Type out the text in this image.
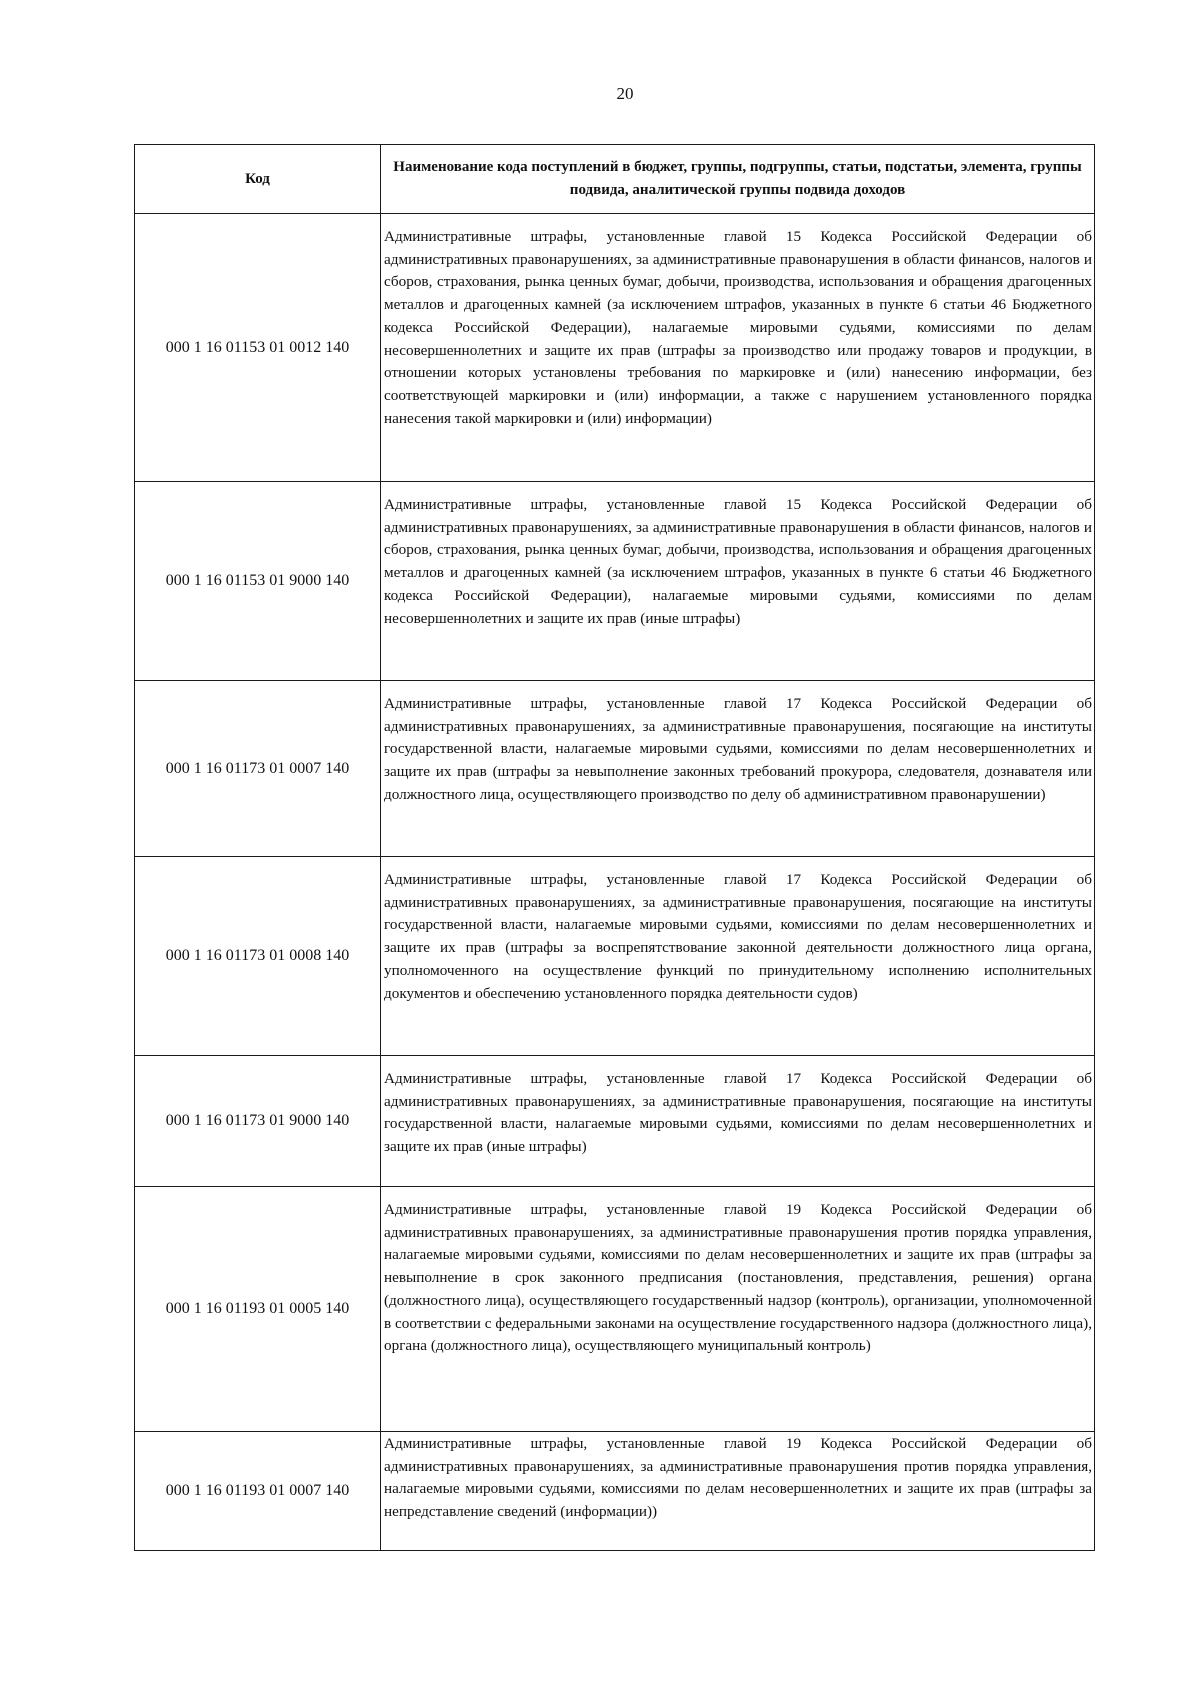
20
Код	Наименование кода поступлений в бюджет, группы, подгруппы, статьи, подстатьи, элемента, группы подвида, аналитической группы подвида доходов
000 1 16 01153 01 0012 140	Административные штрафы, установленные главой 15 Кодекса Российской Федерации об административных правонарушениях, за административные правонарушения в области финансов, налогов и сборов, страхования, рынка ценных бумаг, добычи, производства, использования и обращения драгоценных металлов и драгоценных камней (за исключением штрафов, указанных в пункте 6 статьи 46 Бюджетного кодекса Российской Федерации), налагаемые мировыми судьями, комиссиями по делам несовершеннолетних и защите их прав (штрафы за производство или продажу товаров и продукции, в отношении которых установлены требования по маркировке и (или) нанесению информации, без соответствующей маркировки и (или) информации, а также с нарушением установленного порядка нанесения такой маркировки и (или) информации)

000 1 16 01153 01 9000 140	Административные штрафы, установленные главой 15 Кодекса Российской Федерации об административных правонарушениях, за административные правонарушения в области финансов, налогов и сборов, страхования, рынка ценных бумаг, добычи, производства, использования и обращения драгоценных металлов и драгоценных камней (за исключением штрафов, указанных в пункте 6 статьи 46 Бюджетного кодекса Российской Федерации), налагаемые мировыми судьями, комиссиями по делам несовершеннолетних и защите их прав (иные штрафы)

000 1 16 01173 01 0007 140	Административные штрафы, установленные главой 17 Кодекса Российской Федерации об административных правонарушениях, за административные правонарушения, посягающие на институты государственной власти, налагаемые мировыми судьями, комиссиями по делам несовершеннолетних и защите их прав (штрафы за невыполнение законных требований прокурора, следователя, дознавателя или должностного лица, осуществляющего производство по делу об административном правонарушении)

000 1 16 01173 01 0008 140	Административные штрафы, установленные главой 17 Кодекса Российской Федерации об административных правонарушениях, за административные правонарушения, посягающие на институты государственной власти, налагаемые мировыми судьями, комиссиями по делам несовершеннолетних и защите их прав (штрафы за воспрепятствование законной деятельности должностного лица органа, уполномоченного на осуществление функций по принудительному исполнению исполнительных документов и обеспечению установленного порядка деятельности судов)

000 1 16 01173 01 9000 140	Административные штрафы, установленные главой 17 Кодекса Российской Федерации об административных правонарушениях, за административные правонарушения, посягающие на институты государственной власти, налагаемые мировыми судьями, комиссиями по делам несовершеннолетних и защите их прав (иные штрафы)

000 1 16 01193 01 0005 140	Административные штрафы, установленные главой 19 Кодекса Российской Федерации об административных правонарушениях, за административные правонарушения против порядка управления, налагаемые мировыми судьями, комиссиями по делам несовершеннолетних и защите их прав (штрафы за невыполнение в срок законного предписания (постановления, представления, решения) органа (должностного лица), осуществляющего государственный надзор (контроль), организации, уполномоченной в соответствии с федеральными законами на осуществление государственного надзора (должностного лица), органа (должностного лица), осуществляющего муниципальный контроль)

000 1 16 01193 01 0007 140	Административные штрафы, установленные главой 19 Кодекса Российской Федерации об административных правонарушениях, за административные правонарушения против порядка управления, налагаемые мировыми судьями, комиссиями по делам несовершеннолетних и защите их прав (штрафы за непредставление сведений (информации))
